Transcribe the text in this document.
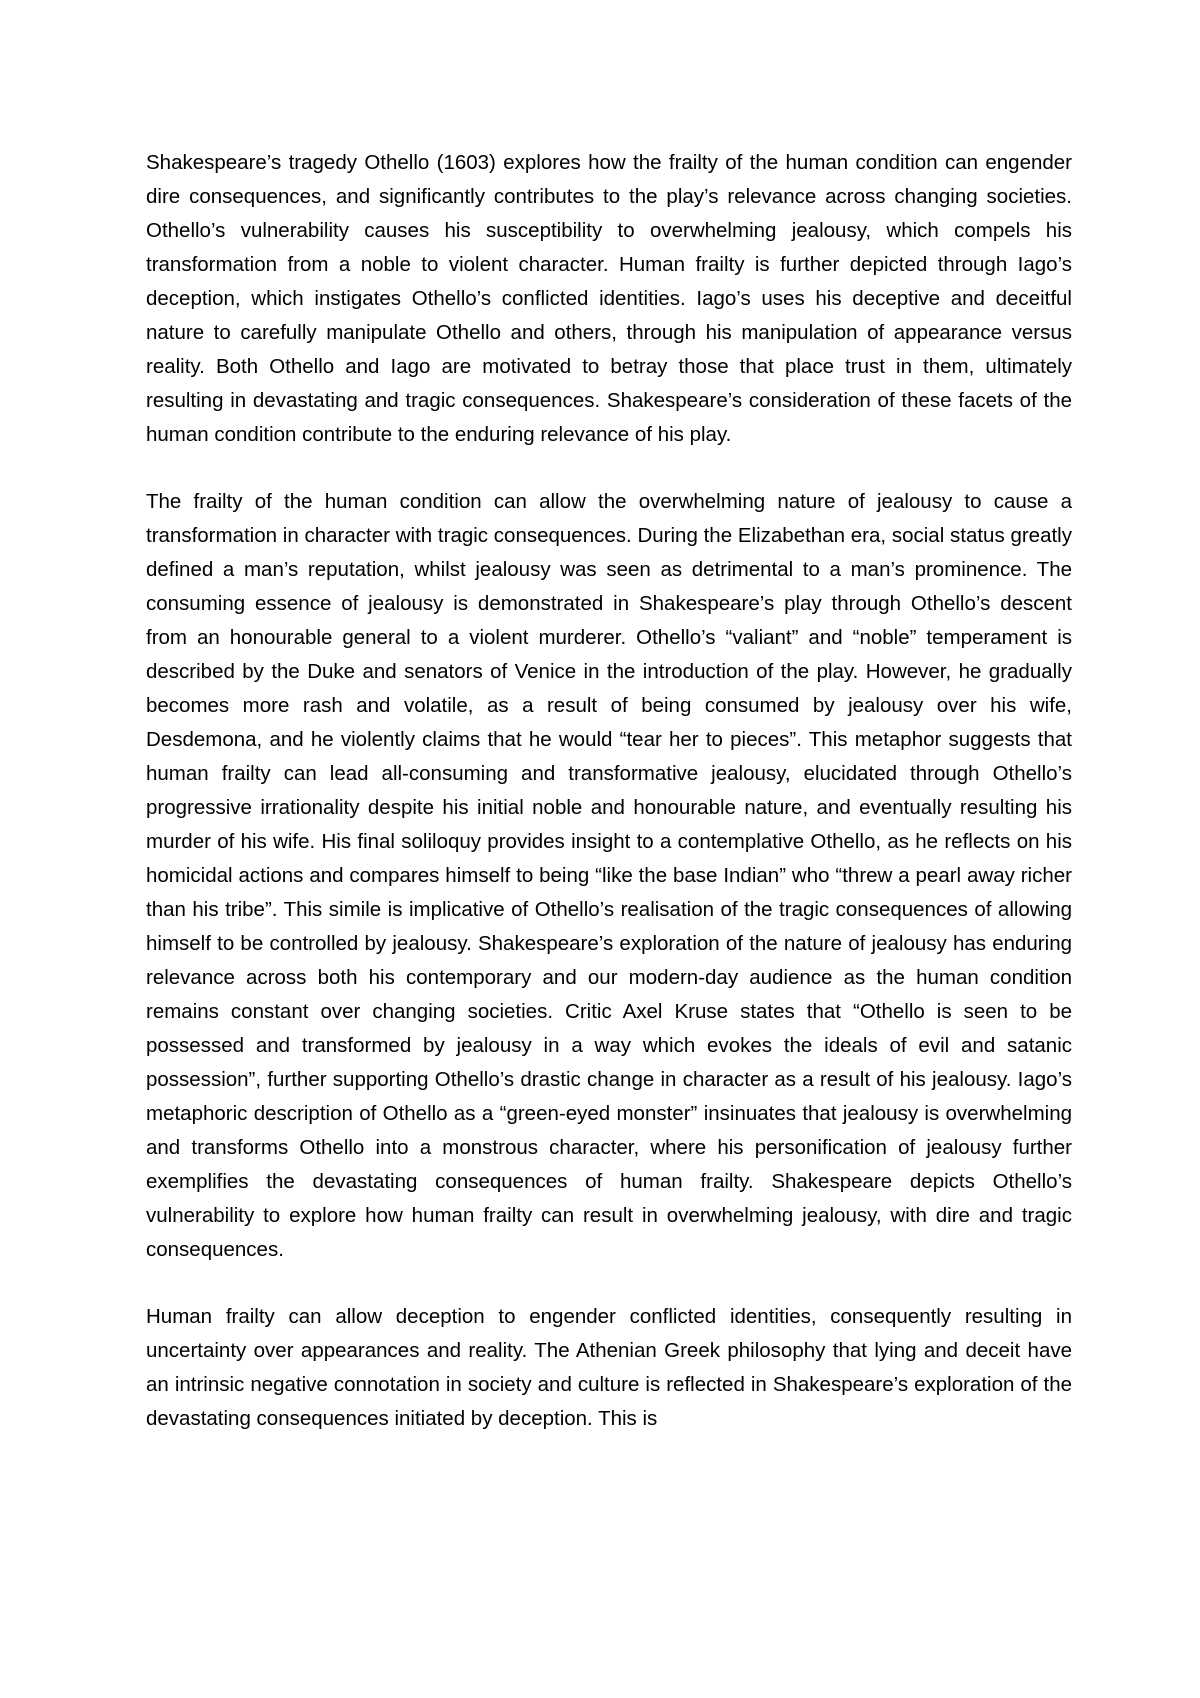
Shakespeare’s tragedy Othello (1603) explores how the frailty of the human condition can engender dire consequences, and significantly contributes to the play’s relevance across changing societies. Othello’s vulnerability causes his susceptibility to overwhelming jealousy, which compels his transformation from a noble to violent character. Human frailty is further depicted through Iago’s deception, which instigates Othello’s conflicted identities. Iago’s uses his deceptive and deceitful nature to carefully manipulate Othello and others, through his manipulation of appearance versus reality. Both Othello and Iago are motivated to betray those that place trust in them, ultimately resulting in devastating and tragic consequences. Shakespeare’s consideration of these facets of the human condition contribute to the enduring relevance of his play.

The frailty of the human condition can allow the overwhelming nature of jealousy to cause a transformation in character with tragic consequences. During the Elizabethan era, social status greatly defined a man’s reputation, whilst jealousy was seen as detrimental to a man’s prominence. The consuming essence of jealousy is demonstrated in Shakespeare’s play through Othello’s descent from an honourable general to a violent murderer. Othello’s “valiant” and “noble” temperament is described by the Duke and senators of Venice in the introduction of the play. However, he gradually becomes more rash and volatile, as a result of being consumed by jealousy over his wife, Desdemona, and he violently claims that he would “tear her to pieces”. This metaphor suggests that human frailty can lead all-consuming and transformative jealousy, elucidated through Othello’s progressive irrationality despite his initial noble and honourable nature, and eventually resulting his murder of his wife. His final soliloquy provides insight to a contemplative Othello, as he reflects on his homicidal actions and compares himself to being “like the base Indian” who “threw a pearl away richer than his tribe”. This simile is implicative of Othello’s realisation of the tragic consequences of allowing himself to be controlled by jealousy. Shakespeare’s exploration of the nature of jealousy has enduring relevance across both his contemporary and our modern-day audience as the human condition remains constant over changing societies. Critic Axel Kruse states that “Othello is seen to be possessed and transformed by jealousy in a way which evokes the ideals of evil and satanic possession”, further supporting Othello’s drastic change in character as a result of his jealousy. Iago’s metaphoric description of Othello as a “green-eyed monster” insinuates that jealousy is overwhelming and transforms Othello into a monstrous character, where his personification of jealousy further exemplifies the devastating consequences of human frailty. Shakespeare depicts Othello’s vulnerability to explore how human frailty can result in overwhelming jealousy, with dire and tragic consequences.

Human frailty can allow deception to engender conflicted identities, consequently resulting in uncertainty over appearances and reality. The Athenian Greek philosophy that lying and deceit have an intrinsic negative connotation in society and culture is reflected in Shakespeare’s exploration of the devastating consequences initiated by deception. This is
